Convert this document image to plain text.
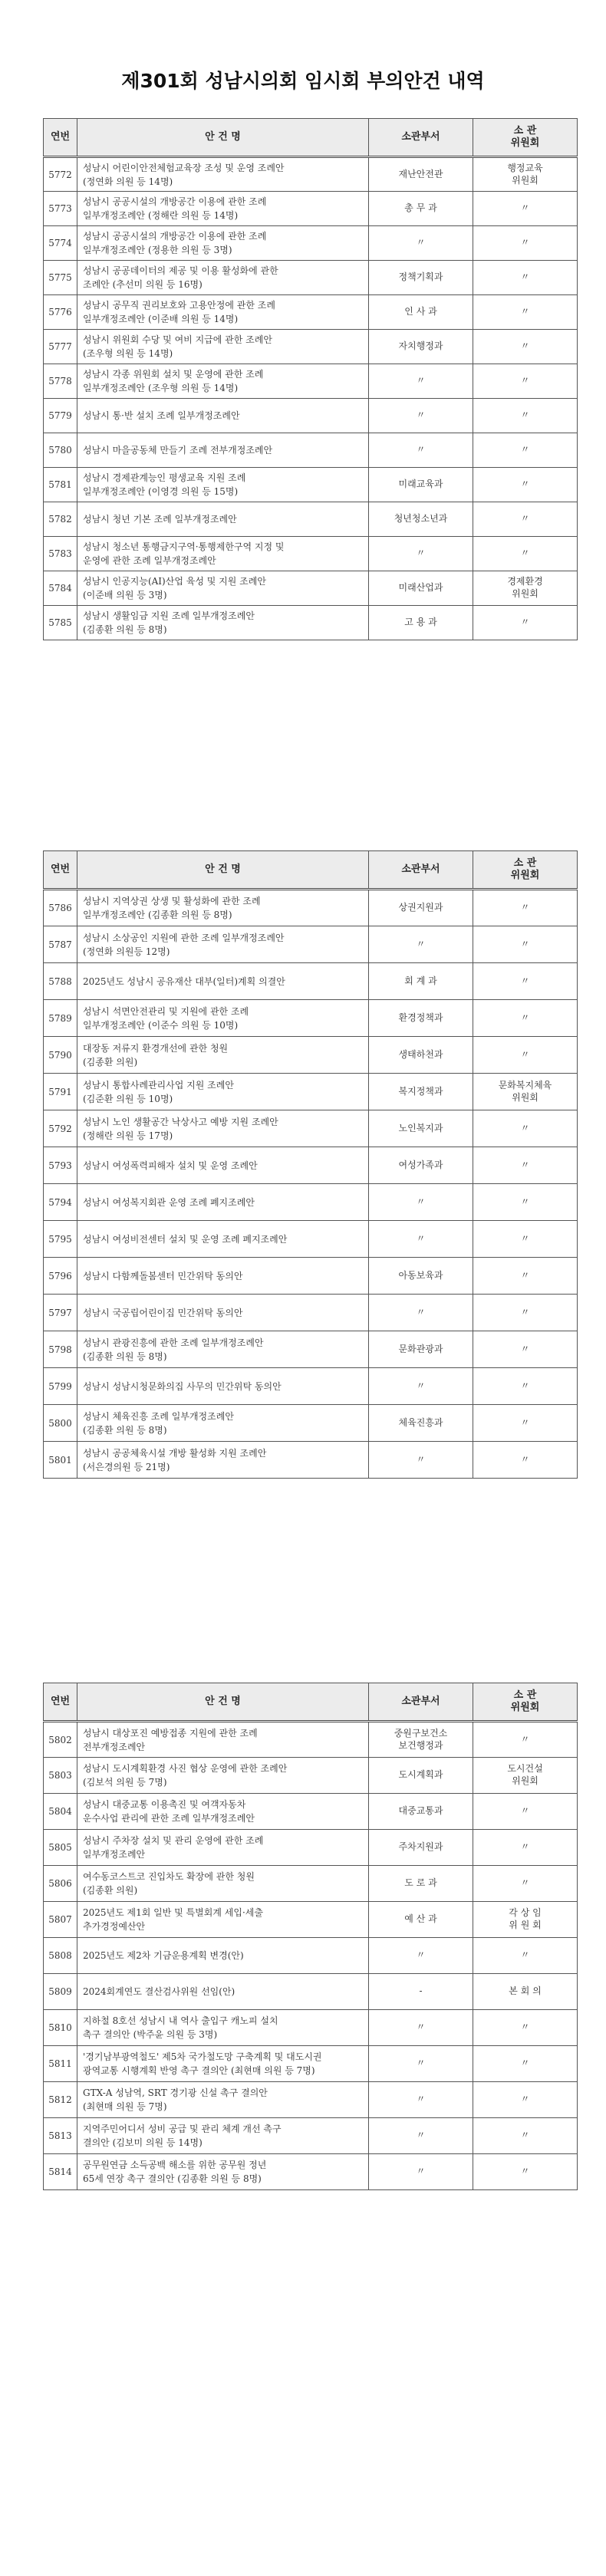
제301회 성남시의회 임시회 부의안건 내역
연번	안 건 명	소관부서	소 관
위원회
5772	성남시 어린이안전체험교육장 조성 및 운영 조례안
(정연화 의원 등 14명)	재난안전관	행정교육
위원회
5773	성남시 공공시설의 개방공간 이용에 관한 조례
일부개정조례안 (정해란 의원 등 14명)	총 무 과	〃
5774	성남시 공공시설의 개방공간 이용에 관한 조례
일부개정조례안 (정용한 의원 등 3명)	〃	〃
5775	성남시 공공데이터의 제공 및 이용 활성화에 관한
조례안 (추선미 의원 등 16명)	정책기획과	〃
5776	성남시 공무직 권리보호와 고용안정에 관한 조례
일부개정조례안 (이준배 의원 등 14명)	인 사 과	〃
5777	성남시 위원회 수당 및 여비 지급에 관한 조례안
(조우형 의원 등 14명)	자치행정과	〃
5778	성남시 각종 위원회 설치 및 운영에 관한 조례
일부개정조례안 (조우형 의원 등 14명)	〃	〃
5779	성남시 통·반 설치 조례 일부개정조례안	〃	〃
5780	성남시 마을공동체 만들기 조례 전부개정조례안	〃	〃
5781	성남시 경제관계능인 평생교육 지원 조례
일부개정조례안 (이영경 의원 등 15명)	미래교육과	〃
5782	성남시 청년 기본 조례 일부개정조례안	청년청소년과	〃
5783	성남시 청소년 통행금지구역·통행제한구역 지정 및
운영에 관한 조례 일부개정조례안	〃	〃
5784	성남시 인공지능(AI)산업 육성 및 지원 조례안
(이준배 의원 등 3명)	미래산업과	경제환경
위원회
5785	성남시 생활임금 지원 조례 일부개정조례안
(김종환 의원 등 8명)	고 용 과	〃
연번	안 건 명	소관부서	소 관
위원회
5786	성남시 지역상권 상생 및 활성화에 관한 조례
일부개정조례안 (김종환 의원 등 8명)	상권지원과	〃
5787	성남시 소상공인 지원에 관한 조례 일부개정조례안
(정연화 의원등 12명)	〃	〃
5788	2025년도 성남시 공유재산 대부(일터)계획 의결안	회 계 과	〃
5789	성남시 석면안전관리 및 지원에 관한 조례
일부개정조례안 (이준수 의원 등 10명)	환경정책과	〃
5790	대장동 저류지 환경개선에 관한 청원
(김종환 의원)	생태하천과	〃
5791	성남시 통합사례관리사업 지원 조례안
(김준환 의원 등 10명)	복지정책과	문화복지체육
위원회
5792	성남시 노인 생활공간 낙상사고 예방 지원 조례안
(정해란 의원 등 17명)	노인복지과	〃
5793	성남시 여성폭력피해자 설치 및 운영 조례안	여성가족과	〃
5794	성남시 여성복지회관 운영 조례 폐지조례안	〃	〃
5795	성남시 여성비전센터 설치 및 운영 조례 폐지조례안	〃	〃
5796	성남시 다함께돌봄센터 민간위탁 동의안	아동보육과	〃
5797	성남시 국공립어린이집 민간위탁 동의안	〃	〃
5798	성남시 관광진흥에 관한 조례 일부개정조례안
(김종환 의원 등 8명)	문화관광과	〃
5799	성남시 성남시청문화의집 사무의 민간위탁 동의안	〃	〃
5800	성남시 체육진흥 조례 일부개정조례안
(김종환 의원 등 8명)	체육진흥과	〃
5801	성남시 공공체육시설 개방 활성화 지원 조례안
(서은경의원 등 21명)	〃	〃
연번	안 건 명	소관부서	소 관
위원회
5802	성남시 대상포진 예방접종 지원에 관한 조례
전부개정조례안	중원구보건소
보건행정과	〃
5803	성남시 도시계획환경 사진 협상 운영에 관한 조례안
(김보석 의원 등 7명)	도시계획과	도시건설
위원회
5804	성남시 대중교통 이용촉진 및 여객자동차
운수사업 관리에 관한 조례 일부개정조례안	대중교통과	〃
5805	성남시 주차장 설치 및 관리 운영에 관한 조례
일부개정조례안	주차지원과	〃
5806	여수동코스트코 진입차도 확장에 관한 청원
(김종환 의원)	도 로 과	〃
5807	2025년도 제1회 일반 및 특별회계 세입·세출
추가경정예산안	예 산 과	각 상 임
위 원 회
5808	2025년도 제2차 기금운용계획 변경(안)	〃	〃
5809	2024회계연도 결산검사위원 선임(안)	-	본 회 의
5810	지하철 8호선 성남시 내 역사 출입구 캐노피 설치
촉구 결의안 (박주윤 의원 등 3명)	〃	〃
5811	'경기남부광역철도' 제5차 국가철도망 구축계획 및 대도시권
광역교통 시행계획 반영 촉구 결의안 (최현매 의원 등 7명)	〃	〃
5812	GTX-A 성남역, SRT 경기광 신설 촉구 결의안
(최현매 의원 등 7명)	〃	〃
5813	지역주민어디서 성비 공급 및 관리 체계 개선 촉구
결의안 (김보미 의원 등 14명)	〃	〃
5814	공무원연금 소득공백 해소를 위한 공무원 정년
65세 연장 촉구 결의안 (김종환 의원 등 8명)	〃	〃
